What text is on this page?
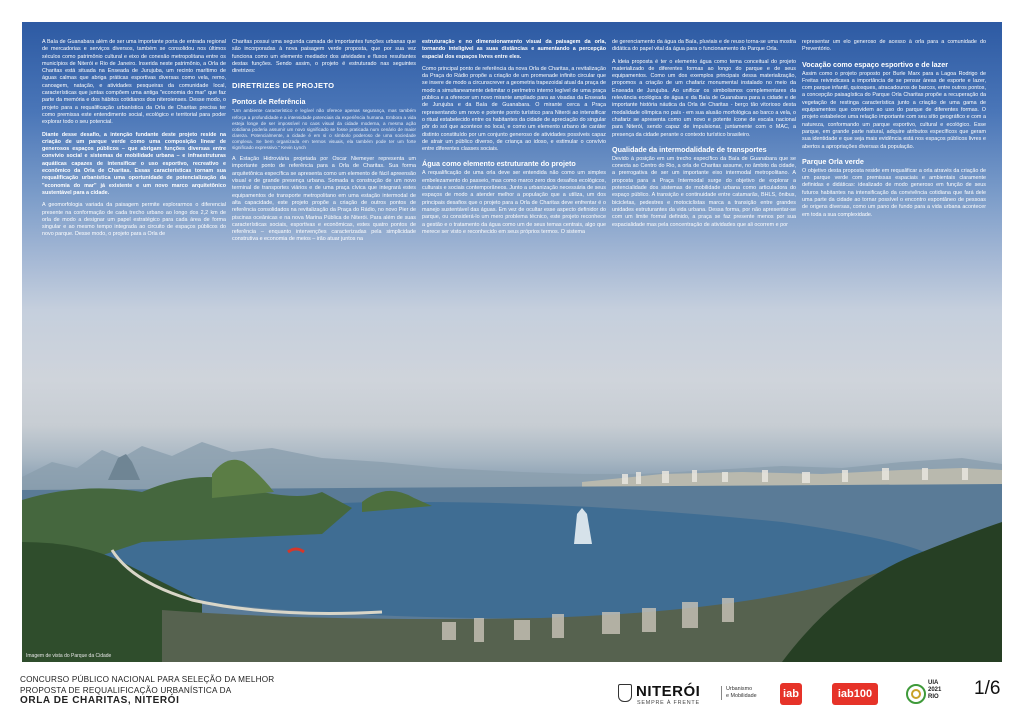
A Baía de Guanabara além de ser uma importante porta de entrada regional de mercadorias e serviços diversos, também se consolidou nos últimos séculos como patrimônio cultural e eixo de conexão metropolitana entre os municípios de Niterói e Rio de Janeiro. Inserida neste patrimônio, a Orla de Charitas está situada na Enseada de Jurujuba, um recinto marítimo de águas calmas que abriga práticas esportivas diversas como vela, remo, canoagem, natação, e atividades pesqueiras da comunidade local, características que juntas compõem uma antiga "economia do mar" que faz parte da memória e dos hábitos cotidianos dos niteroienses. Desse modo, o projeto para a requalificação urbanística da Orla de Charitas precisa ter como premissa este entendimento social, ecológico e territorial para poder explorar todo o seu potencial.

Diante desse desafio, a intenção fundante deste projeto reside na criação de um parque verde como uma composição linear de generosos espaços públicos – que abrigam funções diversas entre convívio social e sistemas de mobilidade urbana – e infraestruturas aquáticas capazes de intensificar o uso esportivo, recreativo e econômico da Orla de Charitas. Essas características tornam sua requalificação urbanística uma oportunidade de potencialização da "economia do mar" já existente e um novo marco arquitetônico sustentável para a cidade.

A geomorfologia variada da paisagem permite explorarmos o diferencial presente na conformação de cada trecho urbano ao longo dos 2,2 km de orla de modo a designar um papel estratégico para cada área de forma singular e ao mesmo tempo integrada ao circuito de espaços públicos do novo parque. Desse modo, o projeto para a Orla de

Charitas possui uma segunda camada de importantes funções urbanas que são incorporadas à nova paisagem verde proposta, que por sua vez funciona como um elemento mediador dos atividades e fluxos resultantes destas funções. Sendo assim, o projeto é estruturado nas seguintes diretrizes:

DIRETRIZES DE PROJETO
Pontos de Referência

"Um ambiente característico e legível não oferece apenas segurança, mas também reforça a profundidade e a intensidade potenciais da experiência humana. Embora a vida esteja longe de ser impossível no caos visual da cidade moderna, a mesma ação cotidiana poderia assumir um novo significado se fosse praticada num cenário de maior clareza. Potencialmente, a cidade é em si o símbolo poderoso de uma sociedade complexa. Se bem organizada em termos visuais, ela também pode ter um forte significado expressivo." Kevin Lynch

A Estação Hidroviária projetada por Oscar Niemeyer representa um importante ponto de referência para a Orla de Charitas. Sua forma arquitetônica específica se apresenta como um elemento de fácil apreensão visual e de grande presença urbana. Somada a construção de um novo terminal de transportes viários e de uma praça cívica que integrará estes equipamentos de transporte metropolitano em uma estação intermodal de alta capacidade, este projeto propõe a criação de outros pontos de referência consolidados na revitalização da Praça do Rádio, no novo Pier de piscinas oceânicas e na nova Marina Pública de Niterói. Para além de suas características sociais, esportivas e econômicas, estes quatro pontos de referência – enquanto intervenções caracterizadas pela simplicidade construtiva e economia de meios – irão atuar juntos na

estruturação e no dimensionamento visual da paisagem da orla, tornando inteligível as suas distâncias e aumentando a percepção espacial dos espaços livres entre eles.

Como principal ponto de referência da nova Orla de Charitas, a revitalização da Praça do Rádio propõe a criação de um promenade infinito circular que se insere de modo a circunscrever a geometria trapezoidal atual da praça de modo a simultaneamente delimitar o perímetro interno legível de uma praça pública e a oferecer um novo mirante ampliado para as visadas da Enseada de Jurujuba e da Baía de Guanabara. O mirante cerca a Praça representando um novo e potente ponto turístico para Niterói ao intensificar o ritual estabelecido entre os habitantes da cidade de apreciação do singular pôr do sol que acontece no local, e como um elemento urbano de caráter distinto constituído por um conjunto generoso de atividades possíveis capaz de atrair um público diverso, de criança ao idoso, e estimular o convívio entre diferentes classes sociais.

Água como elemento estruturante do projeto

A requalificação de uma orla deve ser entendida não como um simples embelezamento do passeio, mas como marco zero dos desafios ecológicos, culturais e sociais contemporâneos. Junto a urbanização necessária de seus espaços de modo a atender melhor a população que a utiliza, um dos principais desafios que o projeto para a Orla de Charitas deve enfrentar é o manejo sustentável das águas. Em vez de ocultar esse aspecto definidor do parque, ou considerá-lo um mero problema técnico, este projeto reconhece a gestão e o tratamento da água como um de seus temas centrais, algo que merece ser visto e reconhecido em seus próprios termos. O sistema

de gerenciamento da água da Baía, pluviais e de reuso torna-se uma mostra didática do papel vital da água para o funcionamento do Parque Orla.

A ideia proposta é ter o elemento água como tema conceitual do projeto materializado de diferentes formas ao longo do parque e de seus equipamentos. Como um dos exemplos principais dessa materialização, propomos a criação de um chafariz monumental instalado no meio da Enseada de Jurujuba. Ao unificar os simbolismos complementares da relevância ecológica de água e da Baía de Guanabara para a cidade e de importante história náutica da Orla de Charitas - berço tão vitorioso desta modalidade olímpica no país - em sua alusão morfológica ao barco a vela, o chafariz se apresenta como um novo e potente ícone de escala nacional para Niterói, sendo capaz de impulsionar, juntamente com o MAC, a presença da cidade perante o contexto turístico brasileiro.

Qualidade da intermodalidade de transportes

Devido à posição em um trecho específico da Baía de Guanabara que se conecta ao Centro do Rio, a orla de Charitas assume, no âmbito da cidade, a prerrogativa de ser um importante eixo intermodal metropolitano. A proposta para a Praça Intermodal surge do objetivo de explorar a potencialidade dos sistemas de mobilidade urbana como articuladora do espaço público. A transição e continuidade entre catamarãs, BHLS, ônibus, bicicletas, pedestres e motociclistas marca a transição entre grandes unidades estruturantes da vida urbana. Dessa forma, por não apresentar-se com um limite formal definido, a praça se faz presente menos por sua espacialidade mas pela concentração de atividades que ali ocorrem e por

representar um elo generoso de acesso à orla para a comunidade do Preventório.

Vocação como espaço esportivo e de lazer

Assim como o projeto proposto por Burle Marx para a Lagoa Rodrigo de Freitas reivindicava a importância de se pensar áreas de esporte e lazer, com parque infantil, quiosques, atracadouros de barcos, entre outros pontos, a concepção paisagística do Parque Orla Charitas propõe a recuperação da vegetação de restinga característica junto a criação de uma gama de equipamentos que convidem ao uso do parque de diferentes formas. O projeto estabelece uma relação importante com seu sítio geográfico e com a natureza, conformando um parque esportivo, cultural e ecológico. Esse parque, em grande parte natural, adquire atributos específicos que geram sua identidade e que seja mais evidência está nos espaços públicos livres e abertos a apropriações diversas da população.

Parque Orla verde

O objetivo desta proposta reside em requalificar a orla através da criação de um parque verde com premissas espaciais e ambientais claramente definidas e didáticas: idealizado de modo generoso em função de seus futuros habitantes na intensificação da convivência cotidiana que fará dele uma parte da cidade ao tornar possível o encontro espontâneo de pessoas de origens diversas, como um pano de fundo para a vida urbana acontecer em toda a sua complexidade.

Imagem de vista do Parque da Cidade
CONCURSO PÚBLICO NACIONAL PARA SELEÇÃO DA MELHOR
PROPOSTA DE REQUALIFICAÇÃO URBANÍSTICA DA
ORLA DE CHARITAS, NITERÓI
NITERÓI
SEMPRE À FRENTE
Urbanismo
e Mobilidade iab	iab100
UIA
2021
RIO 1/6
